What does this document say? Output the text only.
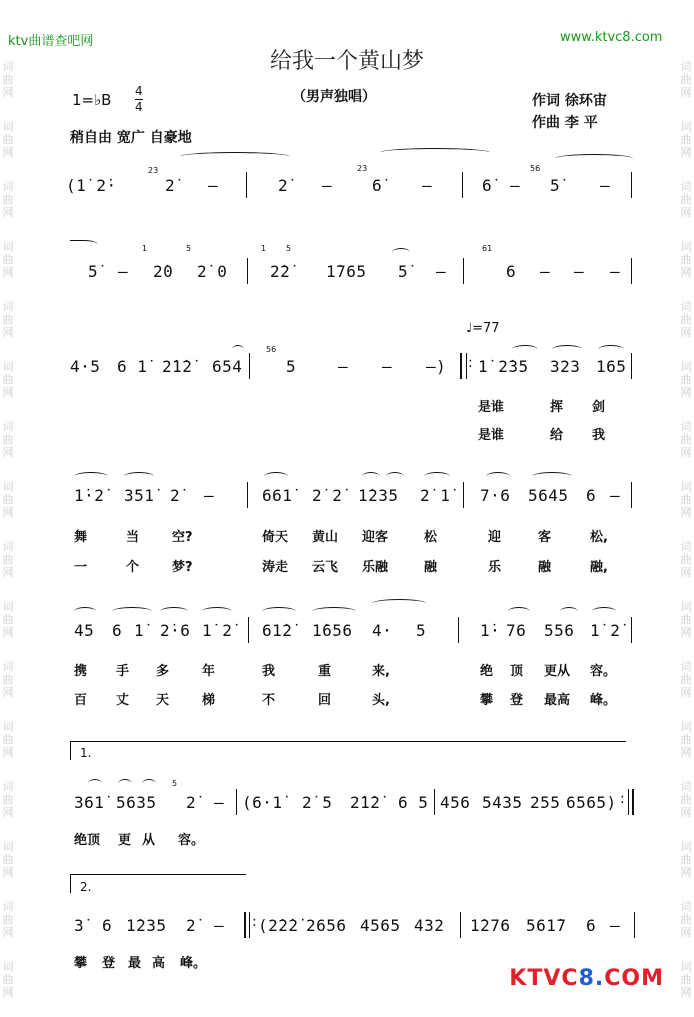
ktv曲谱查吧网	www.ktvc8.com
词
曲
网
词
曲
网
词
曲
网
词
曲
网
词
曲
网
词
曲
网
词
曲
网
词
曲
网
词
曲
网
词
曲
网
词
曲
网
词
曲
网
词
曲
网
词
曲
网
词
曲
网
词
曲
网
词
曲
网
词
曲
网
词
曲
网
词
曲
网
词
曲
网
词
曲
网
词
曲
网
词
曲
网
词
曲
网
词
曲
网
词
曲
网
词
曲
网
词
曲
网
词
曲
网
词
曲
网
词
曲
网
给我一个黄山梦
1=♭B 4
4
（男声独唱）	作词 徐环宙
作曲 李 平
稍自由 宽广 自豪地
(1̇ 2̇·
23
2̇ –	2̇ –
23
6̇ –	6̇ –
56
5̇ –
5̇ –
1
2̇0
5
2̇ 0
1 5
2̇2̇ 1̇765 5̇ –
61
6 – – –
♩=77
4·5 6 1̇ 2̇1̇2̇ 654
56
5	– – –) : 1̇ 2̇35 323 165
是谁	挥 剑
是谁	给 我
1̇·2̇ 351̇ 2̇ –	661̇ 2̇ 2̇ 1̇235 2̇ 1̇ 7·6 5645 6 –
舞	当	空?	倚天 黄山 迎客	松	迎	客	松,
一	个	梦?	涛走 云飞 乐融	融	乐	融	融,
45 6 1̇ 2̇·6 1̇ 2̇ 61̇2̇ 1̇656 4· 5	1̇· 76 556 1̇ 2̇
携 手 多	年	我	重	来,	绝 顶 更从 容。
百 丈 天	梯	不	回	头,	攀 登 最高 峰。
1.
361̇ 5635
5
2̇ – (6·1̇ 2̇ 5 2̇1̇2̇ 6 5 456 5435 255 6565) :
绝顶 更 从 容。
2.
3̇ 6 1̇235 2̇ – : (2̇2̇2̇ 2656 4565 432 1̇276 561̇7 6 –
攀 登 最 高 峰。
KTVC8.COM
